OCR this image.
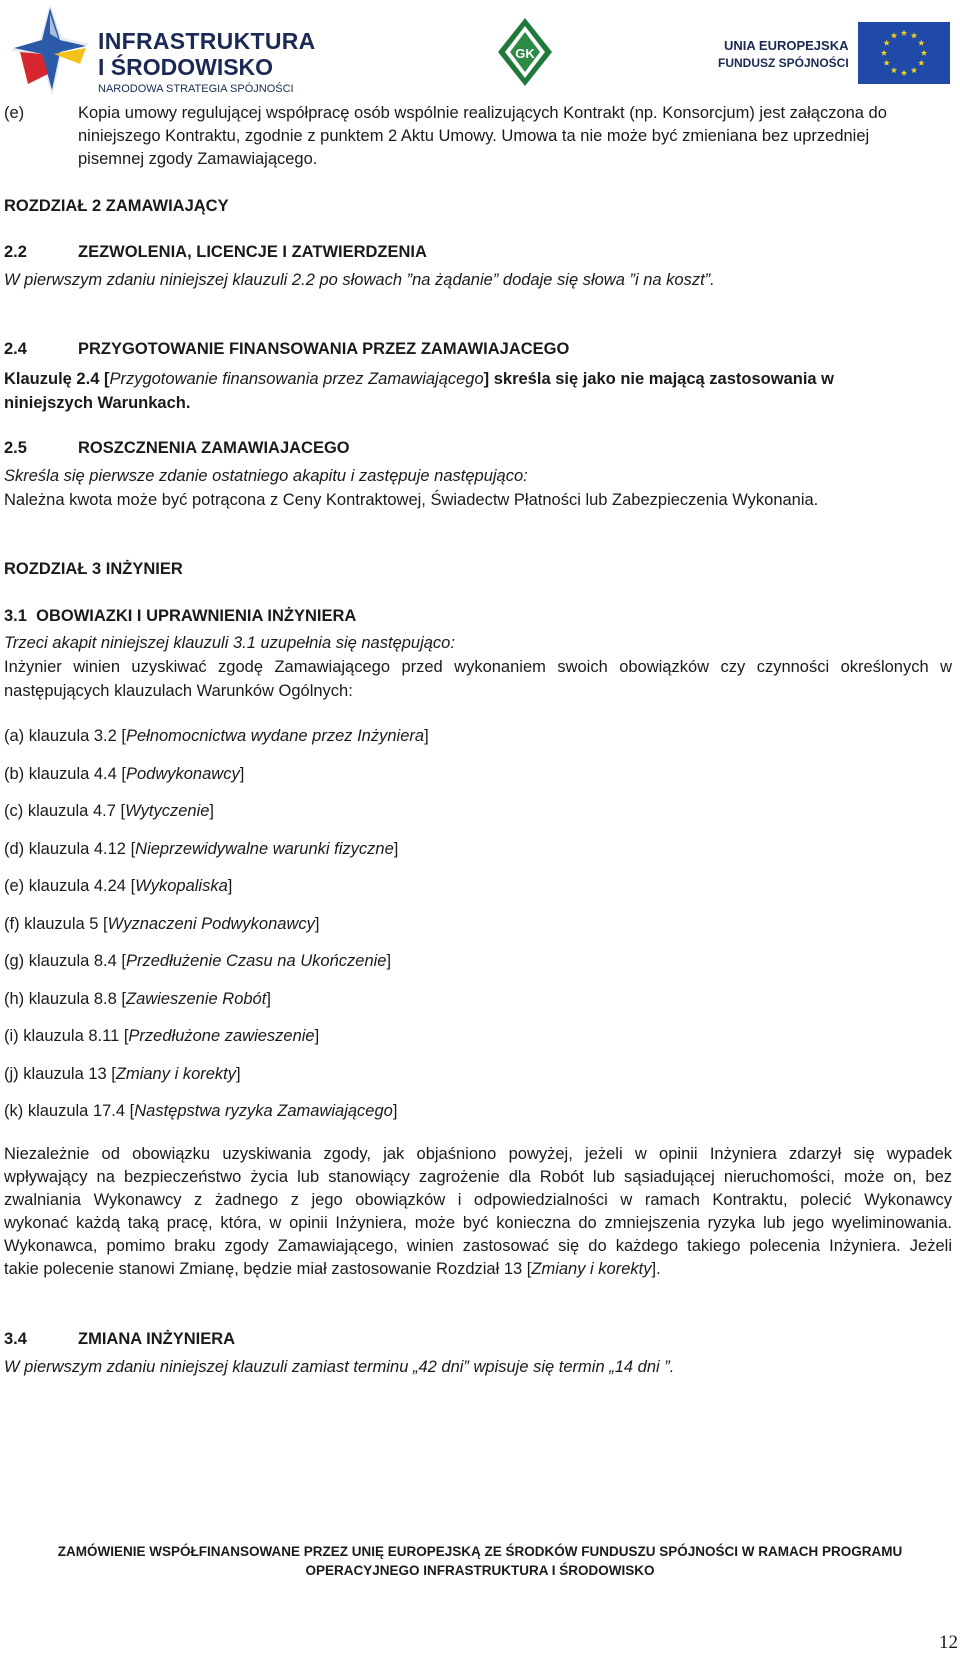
INFRASTRUKTURA
I ŚRODOWISKO
NARODOWA STRATEGIA SPÓJNOŚCI
GK
UNIA EUROPEJSKA
FUNDUSZ SPÓJNOŚCI
(e)	Kopia umowy regulującej współpracę osób wspólnie realizujących Kontrakt (np. Konsorcjum) jest załączona do
niniejszego Kontraktu, zgodnie z punktem 2 Aktu Umowy. Umowa ta nie może być zmieniana bez uprzedniej
pisemnej zgody Zamawiającego.
ROZDZIAŁ 2 ZAMAWIAJĄCY
2.2	ZEZWOLENIA, LICENCJE I ZATWIERDZENIA
W pierwszym zdaniu niniejszej klauzuli 2.2 po słowach ”na żądanie” dodaje się słowa ”i na koszt”.
2.4	PRZYGOTOWANIE FINANSOWANIA PRZEZ ZAMAWIAJACEGO
Klauzulę 2.4 [Przygotowanie finansowania przez Zamawiającego] skreśla się jako nie mającą zastosowania w
niniejszych Warunkach.
2.5	ROSZCZNENIA ZAMAWIAJACEGO
Skreśla się pierwsze zdanie ostatniego akapitu i zastępuje następująco:
Należna kwota może być potrącona z Ceny Kontraktowej, Świadectw Płatności lub Zabezpieczenia Wykonania.
ROZDZIAŁ 3 INŻYNIER
3.1 OBOWIAZKI I UPRAWNIENIA INŻYNIERA
Trzeci akapit niniejszej klauzuli 3.1 uzupełnia się następująco:
Inżynier winien uzyskiwać zgodę Zamawiającego przed wykonaniem swoich obowiązków czy czynności określonych w
następujących klauzulach Warunków Ogólnych:
(a) klauzula 3.2 [Pełnomocnictwa wydane przez Inżyniera]
(b) klauzula 4.4 [Podwykonawcy]
(c) klauzula 4.7 [Wytyczenie]
(d) klauzula 4.12 [Nieprzewidywalne warunki fizyczne]
(e) klauzula 4.24 [Wykopaliska]
(f) klauzula 5 [Wyznaczeni Podwykonawcy]
(g) klauzula 8.4 [Przedłużenie Czasu na Ukończenie]
(h) klauzula 8.8 [Zawieszenie Robót]
(i) klauzula 8.11 [Przedłużone zawieszenie]
(j) klauzula 13 [Zmiany i korekty]
(k) klauzula 17.4 [Następstwa ryzyka Zamawiającego]
Niezależnie od obowiązku uzyskiwania zgody, jak objaśniono powyżej, jeżeli w opinii Inżyniera zdarzył się wypadek
wpływający na bezpieczeństwo życia lub stanowiący zagrożenie dla Robót lub sąsiadującej nieruchomości, może on, bez
zwalniania Wykonawcy z żadnego z jego obowiązków i odpowiedzialności w ramach Kontraktu, polecić Wykonawcy
wykonać każdą taką pracę, która, w opinii Inżyniera, może być konieczna do zmniejszenia ryzyka lub jego wyeliminowania.
Wykonawca, pomimo braku zgody Zamawiającego, winien zastosować się do każdego takiego polecenia Inżyniera. Jeżeli
takie polecenie stanowi Zmianę, będzie miał zastosowanie Rozdział 13 [Zmiany i korekty].
3.4	ZMIANA INŻYNIERA
W pierwszym zdaniu niniejszej klauzuli zamiast terminu „42 dni” wpisuje się termin „14 dni ”.
ZAMÓWIENIE WSPÓŁFINANSOWANE PRZEZ UNIĘ EUROPEJSKĄ ZE ŚRODKÓW FUNDUSZU SPÓJNOŚCI W RAMACH PROGRAMU
OPERACYJNEGO INFRASTRUKTURA I ŚRODOWISKO
12
